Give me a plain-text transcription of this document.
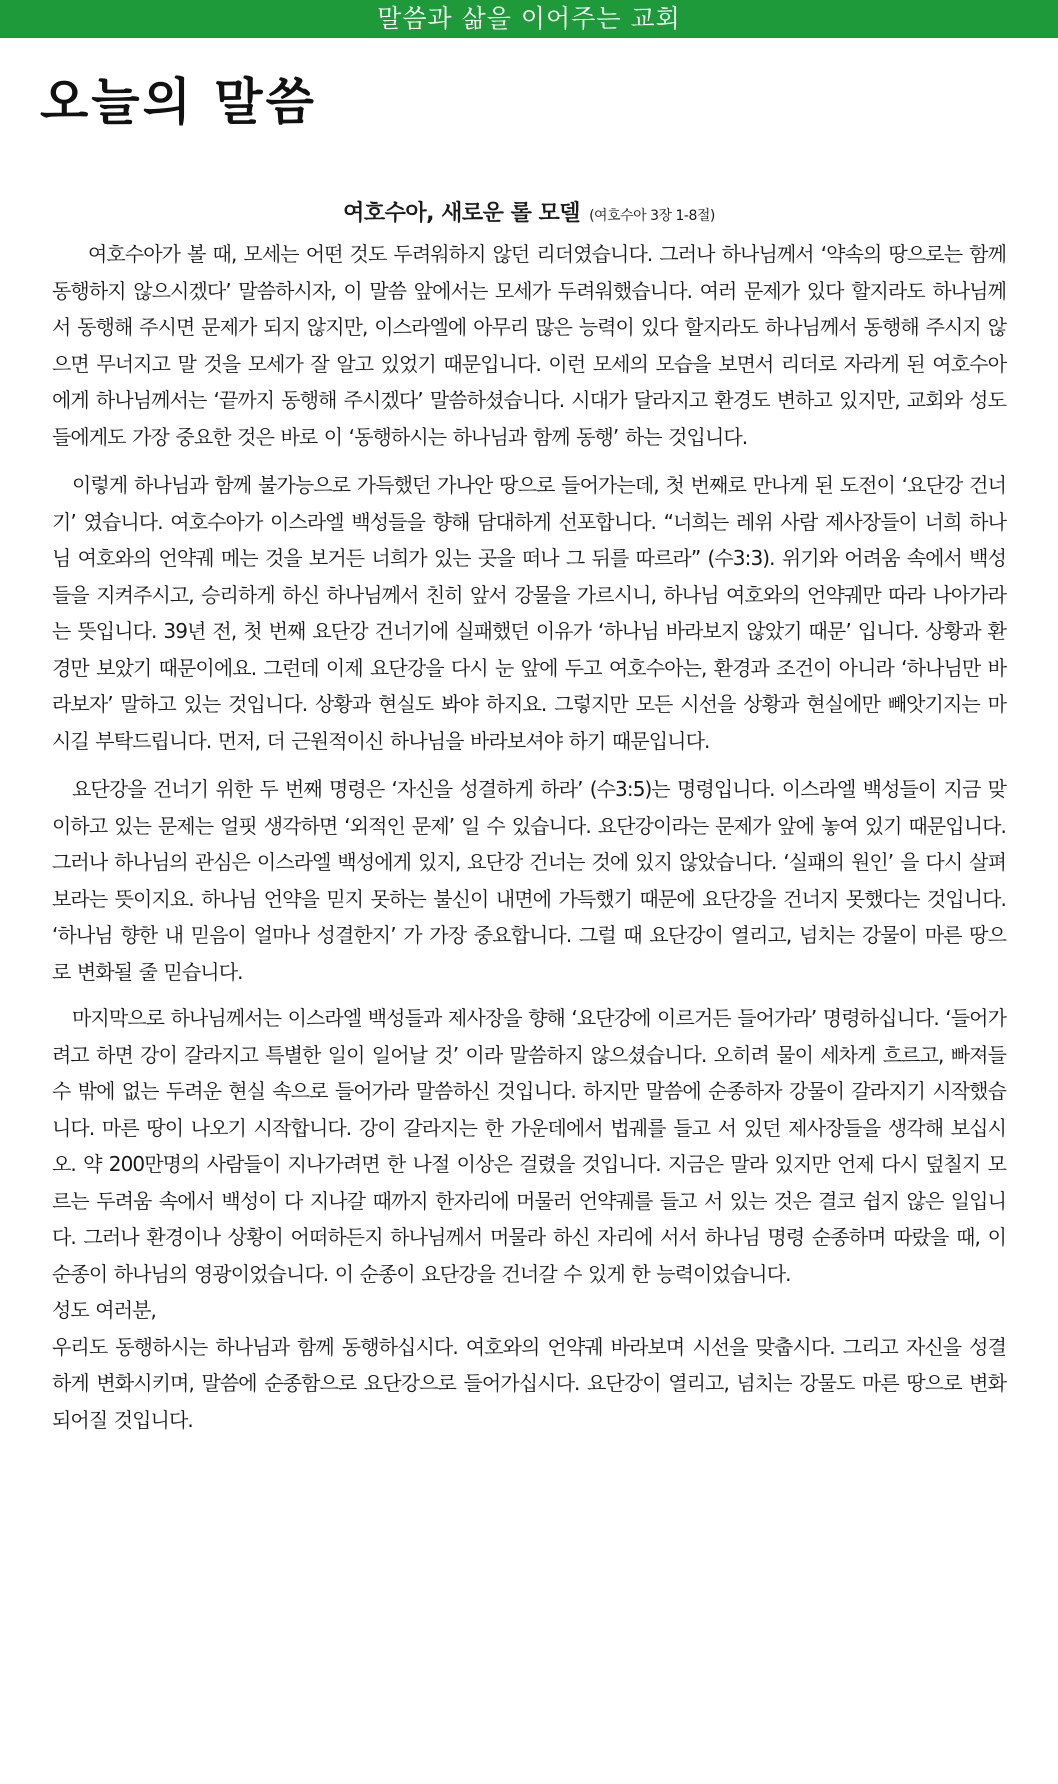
말씀과 삶을 이어주는 교회
오늘의 말씀
여호수아, 새로운 롤 모델 (여호수아 3장 1-8절)

여호수아가 볼 때, 모세는 어떤 것도 두려워하지 않던 리더였습니다. 그러나 하나님께서 ‘약속의 땅으로는 함께 동행하지 않으시겠다’ 말씀하시자, 이 말씀 앞에서는 모세가 두려워했습니다. 여러 문제가 있다 할지라도 하나님께서 동행해 주시면 문제가 되지 않지만, 이스라엘에 아무리 많은 능력이 있다 할지라도 하나님께서 동행해 주시지 않으면 무너지고 말 것을 모세가 잘 알고 있었기 때문입니다. 이런 모세의 모습을 보면서 리더로 자라게 된 여호수아에게 하나님께서는 ‘끝까지 동행해 주시겠다’ 말씀하셨습니다. 시대가 달라지고 환경도 변하고 있지만, 교회와 성도들에게도 가장 중요한 것은 바로 이 ‘동행하시는 하나님과 함께 동행’ 하는 것입니다.

이렇게 하나님과 함께 불가능으로 가득했던 가나안 땅으로 들어가는데, 첫 번째로 만나게 된 도전이 ‘요단강 건너기’ 였습니다. 여호수아가 이스라엘 백성들을 향해 담대하게 선포합니다. “너희는 레위 사람 제사장들이 너희 하나님 여호와의 언약궤 메는 것을 보거든 너희가 있는 곳을 떠나 그 뒤를 따르라” (수3:3). 위기와 어려움 속에서 백성들을 지켜주시고, 승리하게 하신 하나님께서 친히 앞서 강물을 가르시니, 하나님 여호와의 언약궤만 따라 나아가라는 뜻입니다. 39년 전, 첫 번째 요단강 건너기에 실패했던 이유가 ‘하나님 바라보지 않았기 때문’ 입니다. 상황과 환경만 보았기 때문이에요. 그런데 이제 요단강을 다시 눈 앞에 두고 여호수아는, 환경과 조건이 아니라 ‘하나님만 바라보자’ 말하고 있는 것입니다. 상황과 현실도 봐야 하지요. 그렇지만 모든 시선을 상황과 현실에만 빼앗기지는 마시길 부탁드립니다. 먼저, 더 근원적이신 하나님을 바라보셔야 하기 때문입니다.

요단강을 건너기 위한 두 번째 명령은 ‘자신을 성결하게 하라’ (수3:5)는 명령입니다. 이스라엘 백성들이 지금 맞이하고 있는 문제는 얼핏 생각하면 ‘외적인 문제’ 일 수 있습니다. 요단강이라는 문제가 앞에 놓여 있기 때문입니다. 그러나 하나님의 관심은 이스라엘 백성에게 있지, 요단강 건너는 것에 있지 않았습니다. ‘실패의 원인’ 을 다시 살펴보라는 뜻이지요. 하나님 언약을 믿지 못하는 불신이 내면에 가득했기 때문에 요단강을 건너지 못했다는 것입니다. ‘하나님 향한 내 믿음이 얼마나 성결한지’ 가 가장 중요합니다. 그럴 때 요단강이 열리고, 넘치는 강물이 마른 땅으로 변화될 줄 믿습니다.

마지막으로 하나님께서는 이스라엘 백성들과 제사장을 향해 ‘요단강에 이르거든 들어가라’ 명령하십니다. ‘들어가려고 하면 강이 갈라지고 특별한 일이 일어날 것’ 이라 말씀하지 않으셨습니다. 오히려 물이 세차게 흐르고, 빠져들 수 밖에 없는 두려운 현실 속으로 들어가라 말씀하신 것입니다. 하지만 말씀에 순종하자 강물이 갈라지기 시작했습니다. 마른 땅이 나오기 시작합니다. 강이 갈라지는 한 가운데에서 법궤를 들고 서 있던 제사장들을 생각해 보십시오. 약 200만명의 사람들이 지나가려면 한 나절 이상은 걸렸을 것입니다. 지금은 말라 있지만 언제 다시 덮칠지 모르는 두려움 속에서 백성이 다 지나갈 때까지 한자리에 머물러 언약궤를 들고 서 있는 것은 결코 쉽지 않은 일입니다. 그러나 환경이나 상황이 어떠하든지 하나님께서 머물라 하신 자리에 서서 하나님 명령 순종하며 따랐을 때, 이 순종이 하나님의 영광이었습니다. 이 순종이 요단강을 건너갈 수 있게 한 능력이었습니다.

성도 여러분,

우리도 동행하시는 하나님과 함께 동행하십시다. 여호와의 언약궤 바라보며 시선을 맞춥시다. 그리고 자신을 성결하게 변화시키며, 말씀에 순종함으로 요단강으로 들어가십시다. 요단강이 열리고, 넘치는 강물도 마른 땅으로 변화되어질 것입니다.
